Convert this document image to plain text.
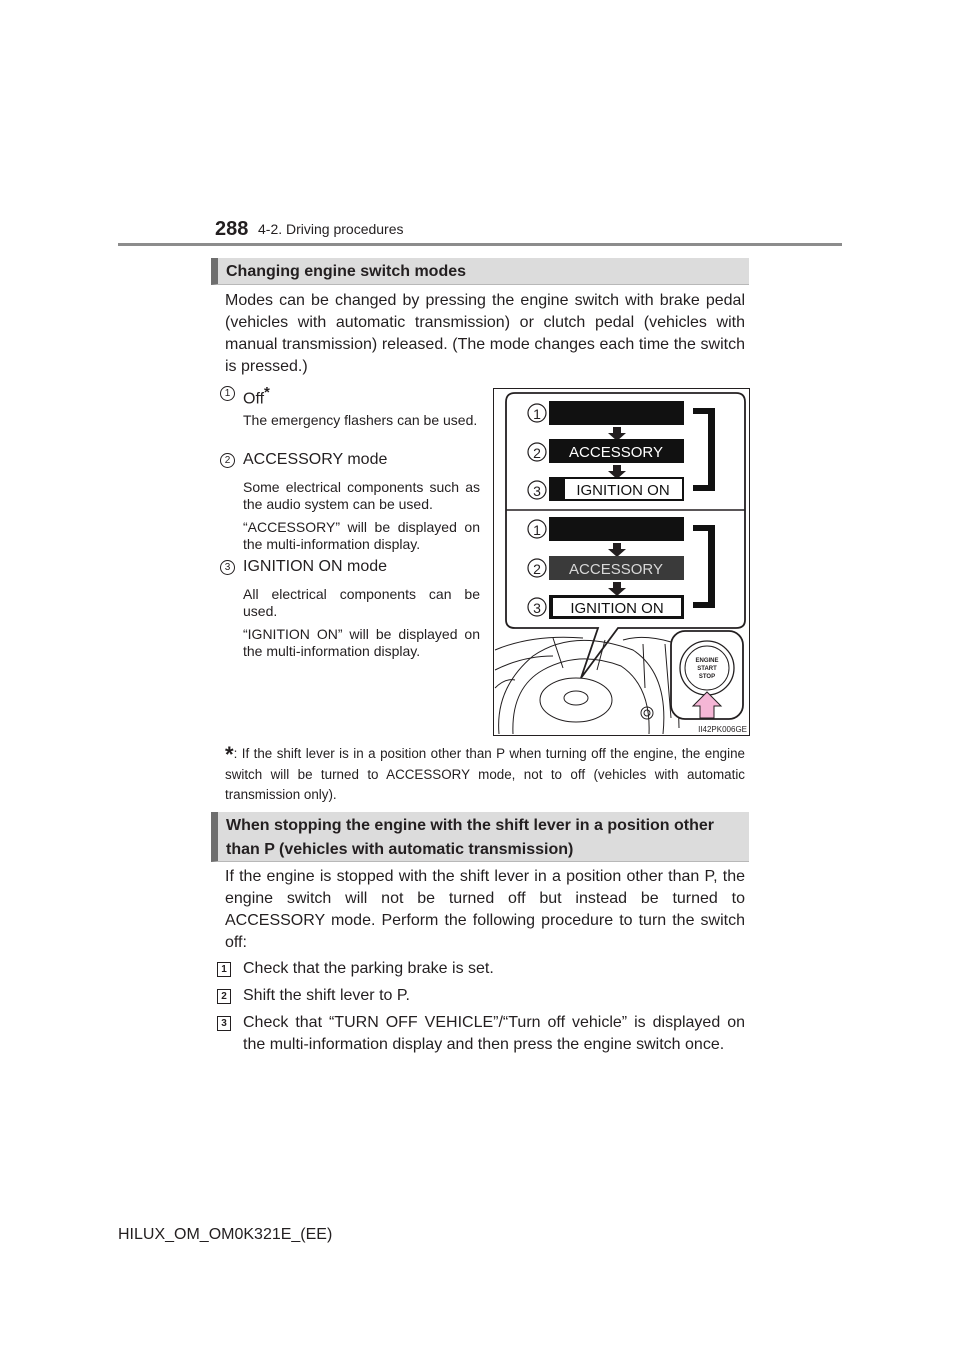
288 4-2. Driving procedures
Changing engine switch modes
Modes can be changed by pressing the engine switch with brake pedal (vehicles with automatic transmission) or clutch pedal (vehicles with manual transmission) released. (The mode changes each time the switch is pressed.)
1 Off*
The emergency flashers can be used.
2 ACCESSORY mode
Some electrical components such as the audio system can be used.
“ACCESSORY” will be displayed on the multi-information display.
3 IGNITION ON mode
All electrical components can be used.
“IGNITION ON” will be displayed on the multi-information display.
1
2 ACCESSORY
3 IGNITION ON
1
2 ACCESSORY
3 IGNITION ON
ENGINE
START
STOP
II42PK006GE
*: If the shift lever is in a position other than P when turning off the engine, the engine switch will be turned to ACCESSORY mode, not to off (vehicles with automatic transmission only).
When stopping the engine with the shift lever in a position other than P (vehicles with automatic transmission)
If the engine is stopped with the shift lever in a position other than P, the engine switch will not be turned off but instead be turned to ACCESSORY mode. Perform the following procedure to turn the switch off:
1 Check that the parking brake is set.
2 Shift the shift lever to P.
3 Check that “TURN OFF VEHICLE”/“Turn off vehicle” is displayed on the multi-information display and then press the engine switch once.
HILUX_OM_OM0K321E_(EE)
